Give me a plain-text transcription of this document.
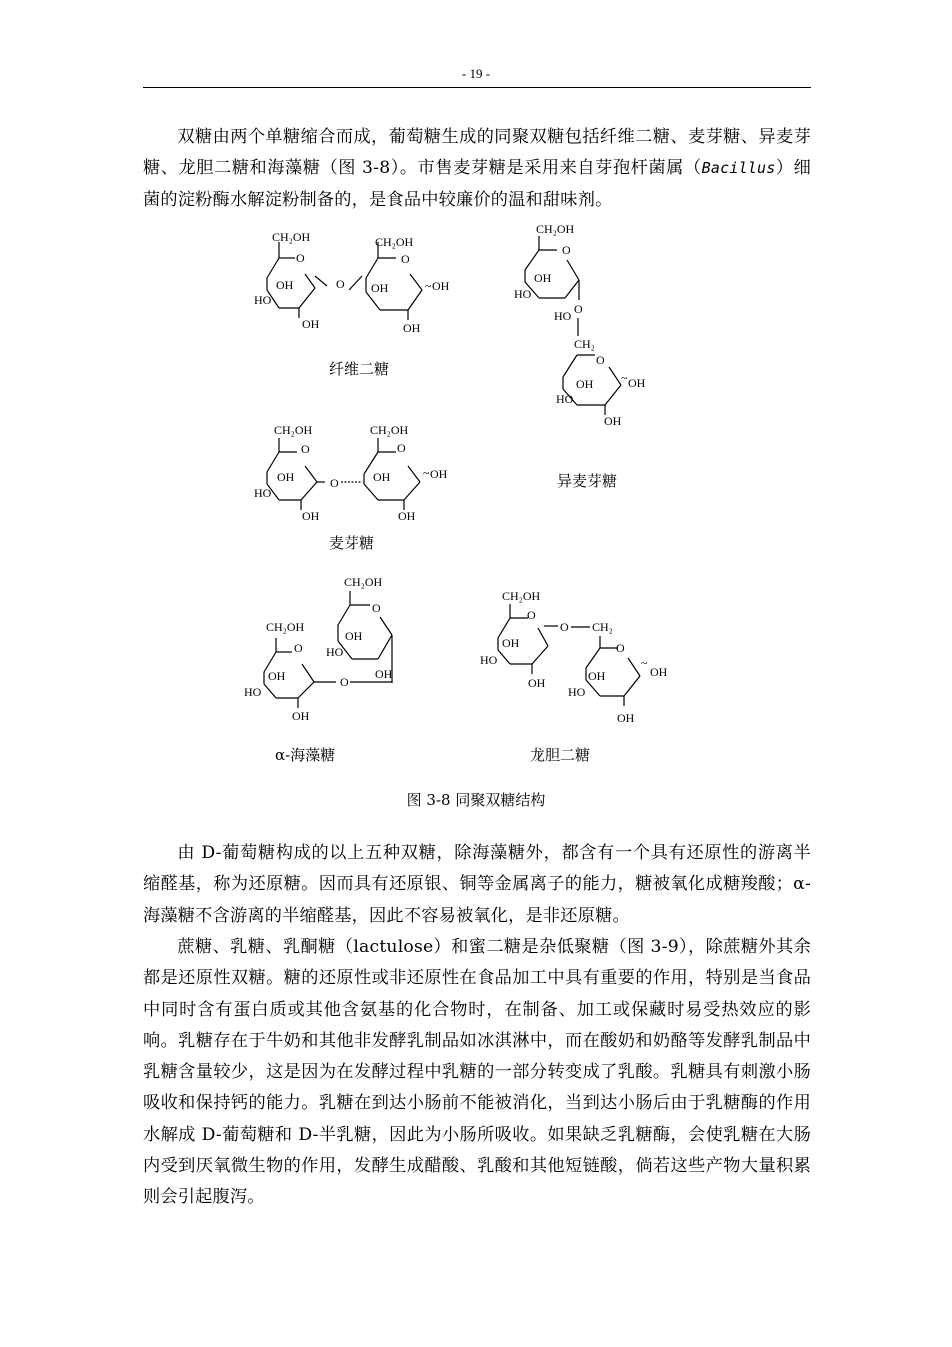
- 19 -

双糖由两个单糖缩合而成，葡萄糖生成的同聚双糖包括纤维二糖、麦芽糖、异麦芽糖、龙胆二糖和海藻糖（图 3-8）。市售麦芽糖是采用来自芽孢杆菌属（Bacillus）细菌的淀粉酶水解淀粉制备的，是食品中较廉价的温和甜味剂。

CH₂OH
O
OH
HO
OH
O
CH₂OH
O
OH	~ OH
OH
CH₂OH
O
OH
HO
HO O
CH₂
O
OH ~ OH
HO
OH
CH₂OH
O
OH
HO
OH
O
CH₂OH
O
OH	~ OH
OH
CH₂OH
O
OH
HO
OH
CH₂OH
O
OH
HO
OH
O
CH₂OH
O
OH
HO
OH
O CH₂
O
OH
~
OH
HO
OH
纤维二糖
异麦芽糖
麦芽糖
α-海藻糖	龙胆二糖
图 3-8 同聚双糖结构

由 D-葡萄糖构成的以上五种双糖，除海藻糖外，都含有一个具有还原性的游离半缩醛基，称为还原糖。因而具有还原银、铜等金属离子的能力，糖被氧化成糖羧酸；α-海藻糖不含游离的半缩醛基，因此不容易被氧化，是非还原糖。

蔗糖、乳糖、乳酮糖（lactulose）和蜜二糖是杂低聚糖（图 3-9），除蔗糖外其余都是还原性双糖。糖的还原性或非还原性在食品加工中具有重要的作用，特别是当食品中同时含有蛋白质或其他含氨基的化合物时，在制备、加工或保藏时易受热效应的影响。乳糖存在于牛奶和其他非发酵乳制品如冰淇淋中，而在酸奶和奶酪等发酵乳制品中乳糖含量较少，这是因为在发酵过程中乳糖的一部分转变成了乳酸。乳糖具有刺激小肠吸收和保持钙的能力。乳糖在到达小肠前不能被消化，当到达小肠后由于乳糖酶的作用水解成 D-葡萄糖和 D-半乳糖，因此为小肠所吸收。如果缺乏乳糖酶，会使乳糖在大肠内受到厌氧微生物的作用，发酵生成醋酸、乳酸和其他短链酸，倘若这些产物大量积累则会引起腹泻。
